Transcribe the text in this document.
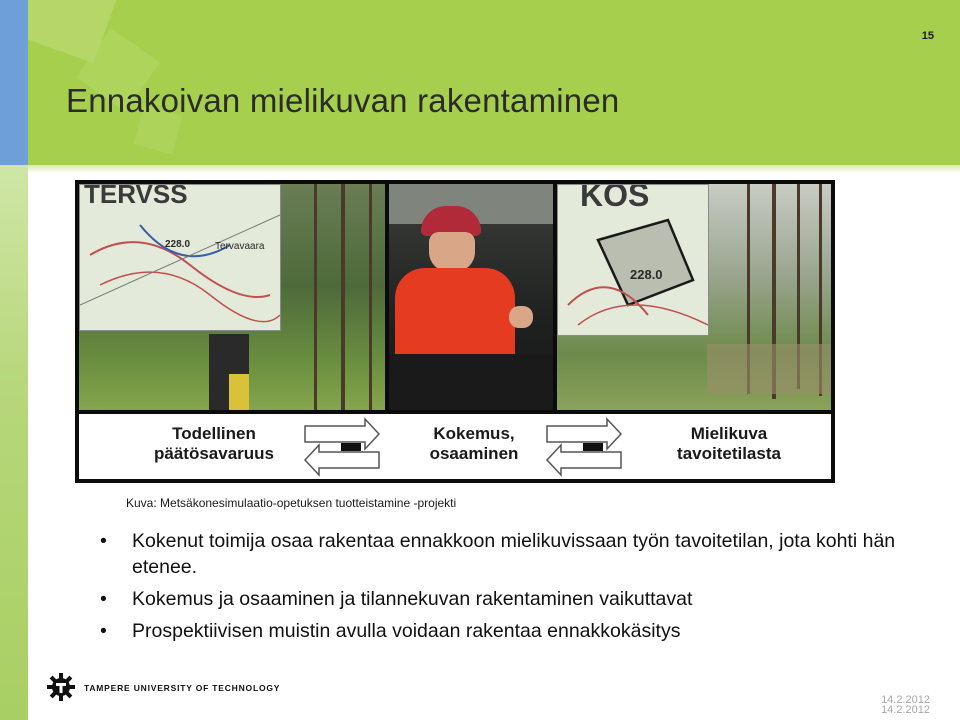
15
Ennakoivan mielikuvan rakentaminen
TERVSS
228.0 Tervavaara
KOS
228.0
Todellinen
päätösavaruus
Kokemus,
osaaminen
Mielikuva
tavoitetilasta
Kuva: Metsäkonesimulaatio-opetuksen tuotteistamine -projekti
• Kokenut toimija osaa rakentaa ennakkoon mielikuvissaan työn tavoitetilan, jota kohti hän etenee.
• Kokemus ja osaaminen ja tilannekuvan rakentaminen vaikuttavat
• Prospektiivisen muistin avulla voidaan rakentaa ennakkokäsitys
TAMPERE UNIVERSITY OF TECHNOLOGY
14.2.2012
14.2.2012
